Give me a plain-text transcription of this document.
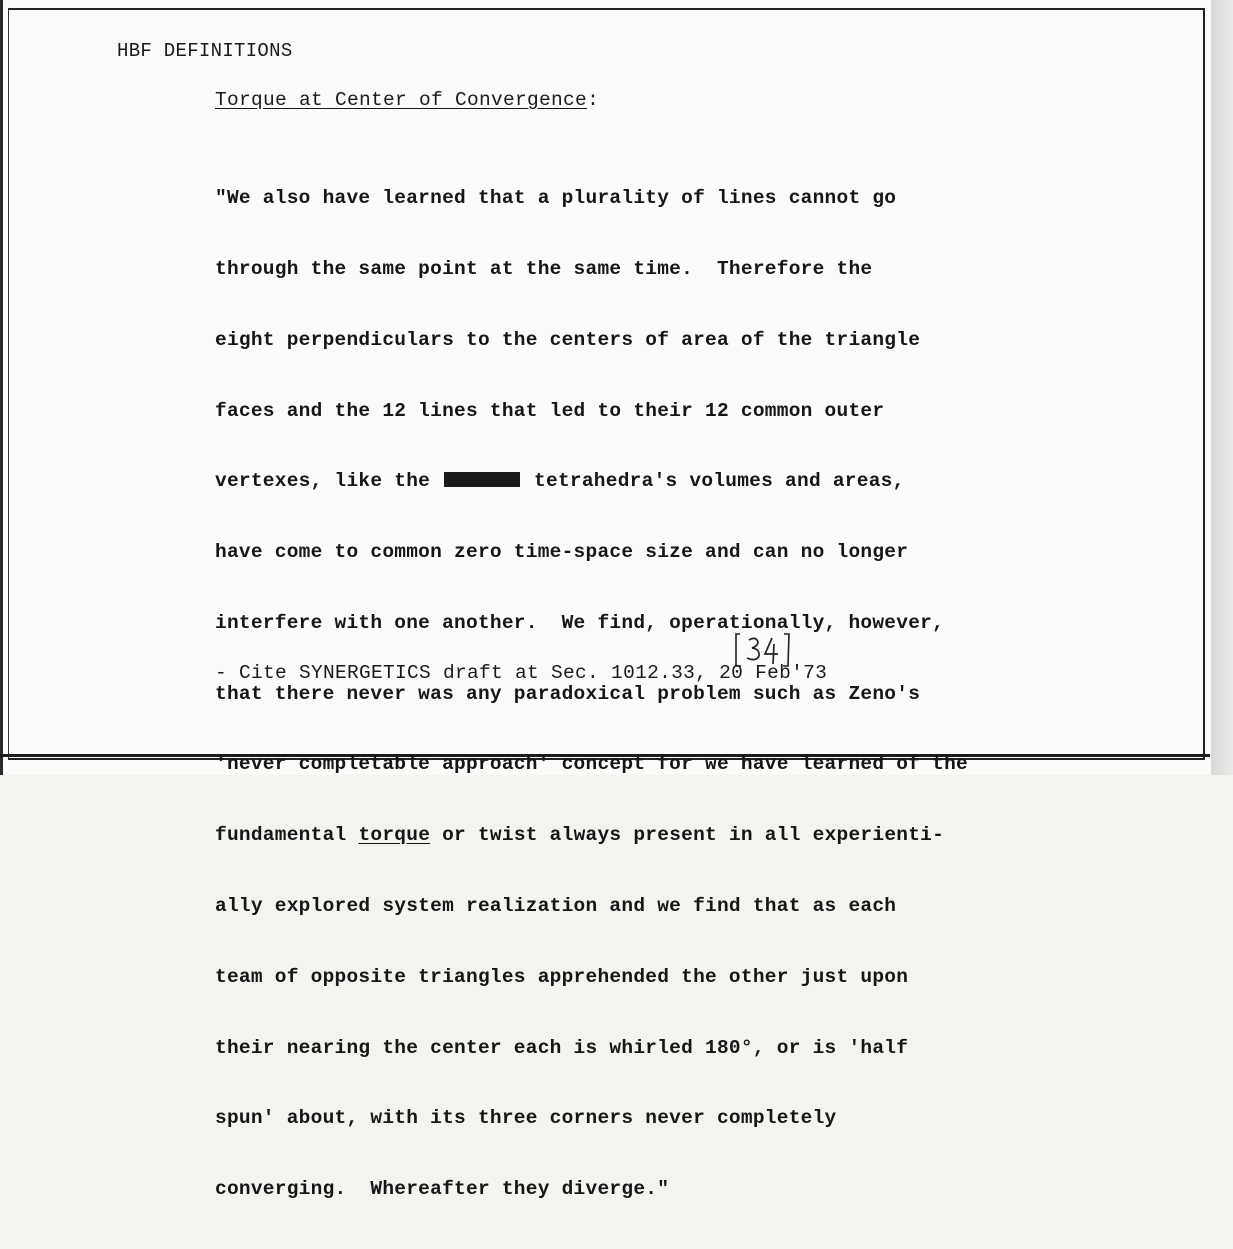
HBF DEFINITIONS
Torque at Center of Convergence:

"We also have learned that a plurality of lines cannot go

through the same point at the same time.  Therefore the

eight perpendiculars to the centers of area of the triangle

faces and the 12 lines that led to their 12 common outer

vertexes, like the	tetrahedra's volumes and areas,

have come to common zero time-space size and can no longer

interfere with one another.  We find, operationally, however,

that there never was any paradoxical problem such as Zeno's

'never completable approach' concept for we have learned of the

fundamental torque or twist always present in all experienti-

ally explored system realization and we find that as each

team of opposite triangles apprehended the other just upon

their nearing the center each is whirled 180°, or is 'half

spun' about, with its three corners never completely

converging.  Whereafter they diverge."

- Cite SYNERGETICS draft at Sec. 1012.33, 20 Feb'73
